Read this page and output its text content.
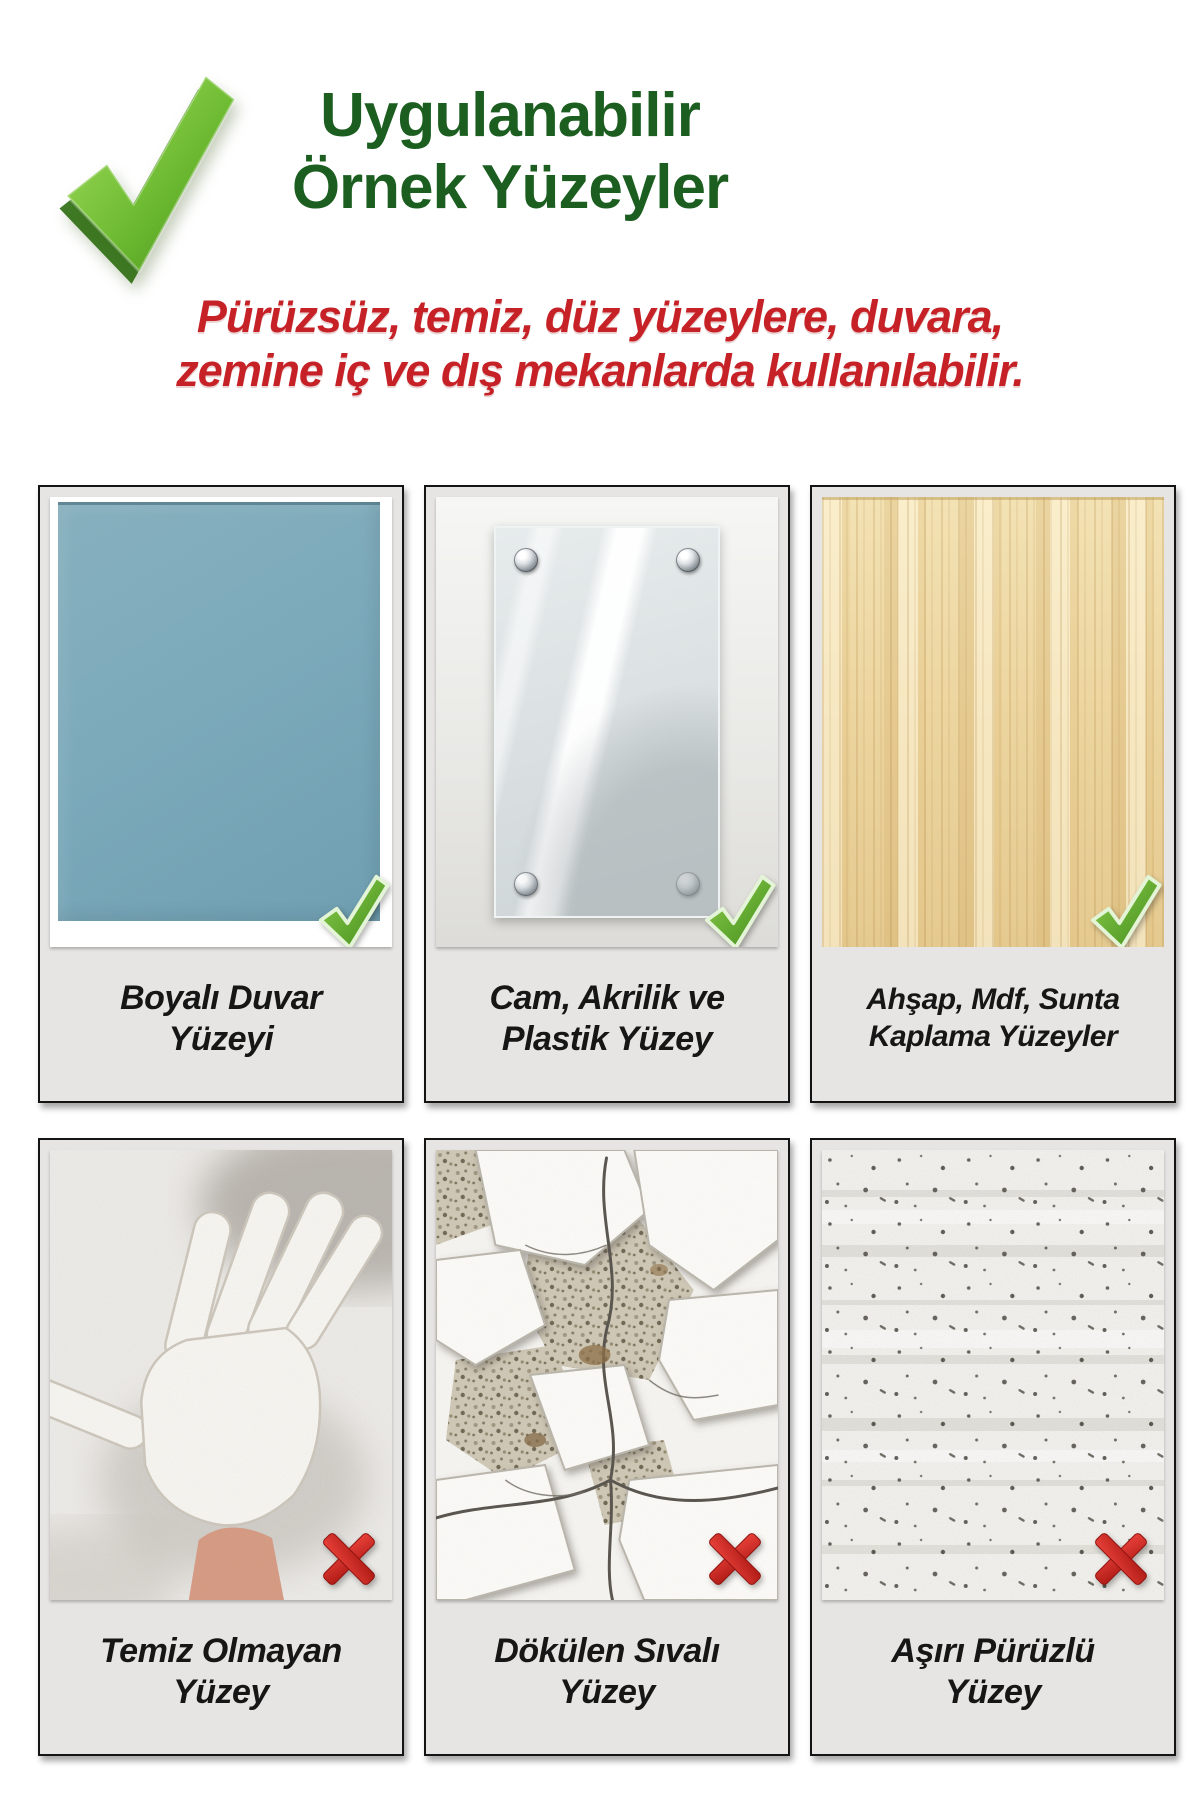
Uygulanabilir
Örnek Yüzeyler
Pürüzsüz, temiz, düz yüzeylere, duvara,
zemine iç ve dış mekanlarda kullanılabilir.
Boyalı Duvar
Yüzeyi
Cam, Akrilik ve
Plastik Yüzey
Ahşap, Mdf, Sunta
Kaplama Yüzeyler
Temiz Olmayan
Yüzey
Dökülen Sıvalı
Yüzey
Aşırı Pürüzlü
Yüzey
